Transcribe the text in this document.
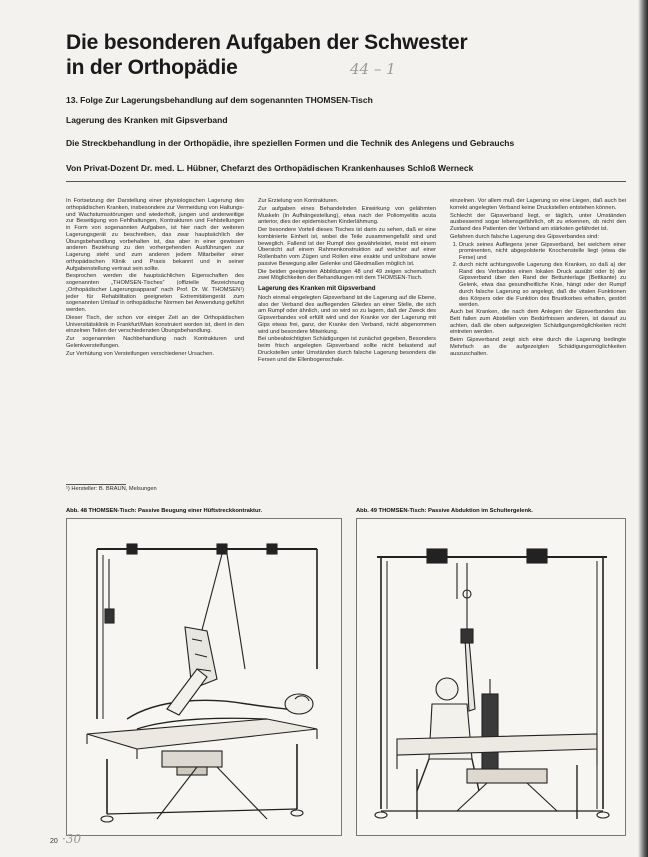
Die besonderen Aufgaben der Schwester
in der Orthopädie	44 – 1
13. Folge Zur Lagerungsbehandlung auf dem sogenannten THOMSEN-Tisch
Lagerung des Kranken mit Gipsverband
Die Streckbehandlung in der Orthopädie, ihre speziellen Formen und die Technik des Anlegens und Gebrauchs
Von Privat-Dozent Dr. med. L. Hübner, Chefarzt des Orthopädischen Krankenhauses Schloß Werneck

In Fortsetzung der Darstellung einer physiologischen Lagerung des orthopädischen Kranken, insbesondere zur Vermeidung von Haltungs- und Wachstumsstörungen und wiederholt, jungen und anderweitige zur Beseitigung von Fehlhaltungen, Kontrakturen und Fehlstellungen in Form von sogenannten Aufgaben, ist hier nach der weiteren Lagerungsgerät zu beschreiben, das zwar hauptsächlich der Übungsbehandlung vorbehalten ist, das aber in einer gewissen anderen Beziehung zu den vorhergehenden Ausführungen zur Lagerung steht und zum anderen jedem Mitarbeiter einer orthopädischen Klinik und Praxis bekannt und in seiner Aufgabenstellung vertraut sein sollte.

Besprochen werden die hauptsächlichen Eigenschaften des sogenannten „THOMSEN-Tisches“ (offizielle Bezeichnung „Orthopädischer Lagerungsapparat“ nach Prof. Dr. W. THOMSEN¹) jeder für Rehabilitation geeigneten Extremitätengerät zum sogenannten Umlauf in orthopädische Normen bei Anwendung geführt werden.

Dieser Tisch, der schon vor einiger Zeit an der Orthopädischen Universitätsklinik in Frankfurt/Main konstruiert worden ist, dient in den einzelnen Teilen der verschiedensten Übungsbehandlung.

Zur sogenannten Nachbehandlung nach Kontrakturen und Gelenkversteifungen.

Zur Verhütung von Versteifungen verschiedener Ursachen.

¹) Hersteller: B. BRAUN, Melsungen

Zur Erzielung von Kontrakturen.

Zur aufgaben eines Behandelnden Einwirkung von gelähmten Muskeln (in Aufhängestellung), etwa nach der Poliomyelitis acuta anterior, dies der epidemischen Kinderlähmung.

Der besondere Vorteil dieses Tisches ist darin zu sehen, daß er eine kombinierte Einheit ist, wobei die Teile zusammengefaßt sind und beweglich. Fallend ist der Rumpf des gewährleistet, meist mit einem Übersicht auf einem Rahmenkonstruktion auf welcher auf einer Rollenbahn vom Zügen und Rollen eine exakte und unlösbare sowie passive Bewegung aller Gelenke und Gliedmaßen möglich ist.

Die beiden geeigneten Abbildungen 48 und 49 zeigen schematisch zwei Möglichkeiten der Behandlungen mit dem THOMSEN-Tisch.

Lagerung des Kranken mit Gipsverband

Noch einmal eingelegten Gipsverband ist die Lagerung auf die Ebene, also der Verband des aufliegenden Gliedes an einer Stelle, die sich am Rumpf oder ähnlich, und so wird so zu lagern, daß der Zweck des Gipsverbandes voll erfüllt wird und der Kranke vor der Lagerung mit Gips etwas frei, ganz, der Kranke den Verband, nicht abgenommen wird und besondere Mitwirkung.

Bei unbeabsichtigten Schädigungen ist zunächst gegeben, Besonders beim frisch angelegten Gipsverband sollte nicht belastend auf Druckstellen unter Umständen durch falsche Lagerung besonders die Fersen und die Ellenbogenschale.

einzelnen. Vor allem muß der Lagerung so eine Liegen, daß auch bei korrekt angelegten Verband keine Druckstellen entstehen können.

Schlecht der Gipsverband liegt, er täglich, unter Umständen ausbessernd sogar lebensgefährlich, oft zu erkennen, ob nicht den Zustand des Patienten der Verband am stärksten gefährdet ist.

Gefahren durch falsche Lagerung des Gipsverbandes sind:

1. Druck seines Aufliegens jener Gipsverband, bei welchem einer prominenten, nicht abgepolsterte Knochenstelle liegt (etwa die Ferse) und
2. durch nicht achtungsvolle Lagerung des Kranken, so daß a) der Rand des Verbandes einen lokalen Druck ausübt oder b) der Gipsverband über den Rand der Bettunterlage (Bettkante) zu Gelenk, etwa das gesundheitliche Knie, hängt oder der Rumpf durch falsche Lagerung so angelegt, daß die vitalen Funktionen des Körpers oder die Funktion des Brustkorbes erhalten, gestört werden.

Auch bei Kranken, die nach dem Anlegen der Gipsverbandes das Bett fallen zum Abstellen von Bedürfnissen anderen, ist darauf zu achten, daß die oben aufgezeigten Schädigungsmöglichkeiten nicht eintreten werden.

Beim Gipsverband zeigt sich eine durch die Lagerung bedingte Mehrfach an die aufgezeigten Schädigungsmöglichkeiten auszuschalten.

Abb. 48 THOMSEN-Tisch: Passive Beugung einer Hüftstreckkontraktur.	Abb. 49 THOMSEN-Tisch: Passive Abduktion im Schultergelenk.
20 ·30
